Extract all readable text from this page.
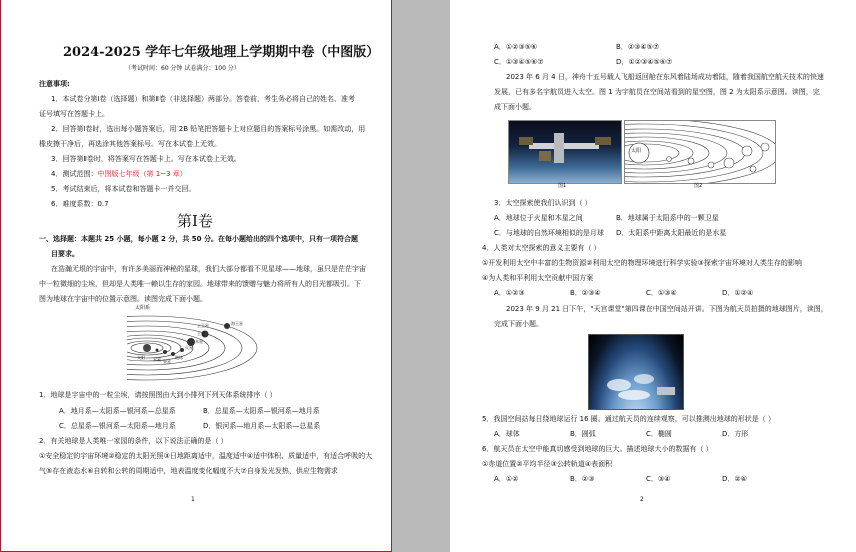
2024-2025 学年七年级地理上学期期中卷（中图版）
（考试时间：60 分钟 试卷满分：100 分）
注意事项:
1．本试卷分第Ⅰ卷（选择题）和第Ⅱ卷（非选择题）两部分。答卷前，考生务必将自己的姓名、准考
证号填写在答题卡上。
2．回答第Ⅰ卷时，选出每小题答案后，用 2B 铅笔把答题卡上对应题目的答案标号涂黑。如需改动，用
橡皮擦干净后，再选涂其他答案标号。写在本试卷上无效。
3．回答第Ⅱ卷时，将答案写在答题卡上。写在本试卷上无效。
4．测试范围：中图版七年级（第 1~3 章）
5．考试结束后，将本试卷和答题卡一并交回。
6．难度系数：0.7
第Ⅰ卷
一、选择题：本题共 25 小题，每小题 2 分，共 50 分。在每小题给出的四个选项中，只有一项符合题
目要求。
在浩瀚无垠的宇宙中，有许多美丽而神秘的星球，我们大部分都看不见星球——地球，虽只是茫茫宇宙
中一粒微细的尘埃，但却是人类唯一赖以生存的家园。地球带来的馈赠与魅力将所有人的目光都吸引。下
图为地球在宇宙中的位置示意图。读图完成下面小题。
太阳系
土王星	海王星
土星
木星
火星
地球
金星
水星
太阳
1．地球是宇宙中的一粒尘埃，请按照图由大到小排列下列天体系统排序（ ）
A．地月系—太阳系—银河系—总星系	B．总星系—太阳系—银河系—地月系
C．总星系—银河系—太阳系—地月系	D．银河系—地月系—太阳系—总星系
2．有关地球是人类唯一家园的条件，以下说法正确的是（ ）
①安全稳定的宇宙环境②稳定的太阳光照③日地距离适中，温度适中④适中体积、质量适中，有适合呼吸的大
气⑤存在液态水⑥自转和公转的周期适中，地表温度变化幅度不大⑦自身发光发热，供应生物需求
1
A．①②③⑤⑥	B．②③④⑤⑦
C．①③④⑤⑥⑦	D．①②③④⑤⑥⑦
2023 年 6 月 4 日，神舟十五号载人飞船返回舱在东风着陆场成功着陆，随着我国航空航天技术的快速
发展，已有多名宇航员进入太空。图 1 为宇航员在空间站看到的星空图，图 2 为太阳系示意图。读图，完
成下面小题。
图1
太阳
图2
3．太空探索使我们认识到（ ）
A．地球位于火星和木星之间	B．地球属于太阳系中的一颗卫星
C．与地球的自然环境相似的是月球 D．太阳系中距离太阳最近的是水星
4．人类对太空探索的意义主要有（ ）
①开发利用太空中丰富的生物资源②利用太空的物理环境进行科学实验③探索宇宙环境对人类生存的影响
④为人类和平利用太空贡献中国方案
A．①②③	B．②③④	C．①③④	D．①②④
2023 年 9 月 21 日下午，"天宫课堂"第四课在中国空间站开讲。下图为航天员拍摄的地球图片，读图，
完成下面小题。
5．我国空间站每日绕地球运行 16 圈。通过航天员的连续观察，可以推测出地球的形状是（ ）
A．球体	B．圆弧	C．椭圆	D．方形
6．航天员在太空中能真切感受到地球的巨大。描述地球大小的数据有（ ）
①赤道位置②平均半径③公转轨道④表面积
A．①②	B．②③	C．③④	D．②④
2
